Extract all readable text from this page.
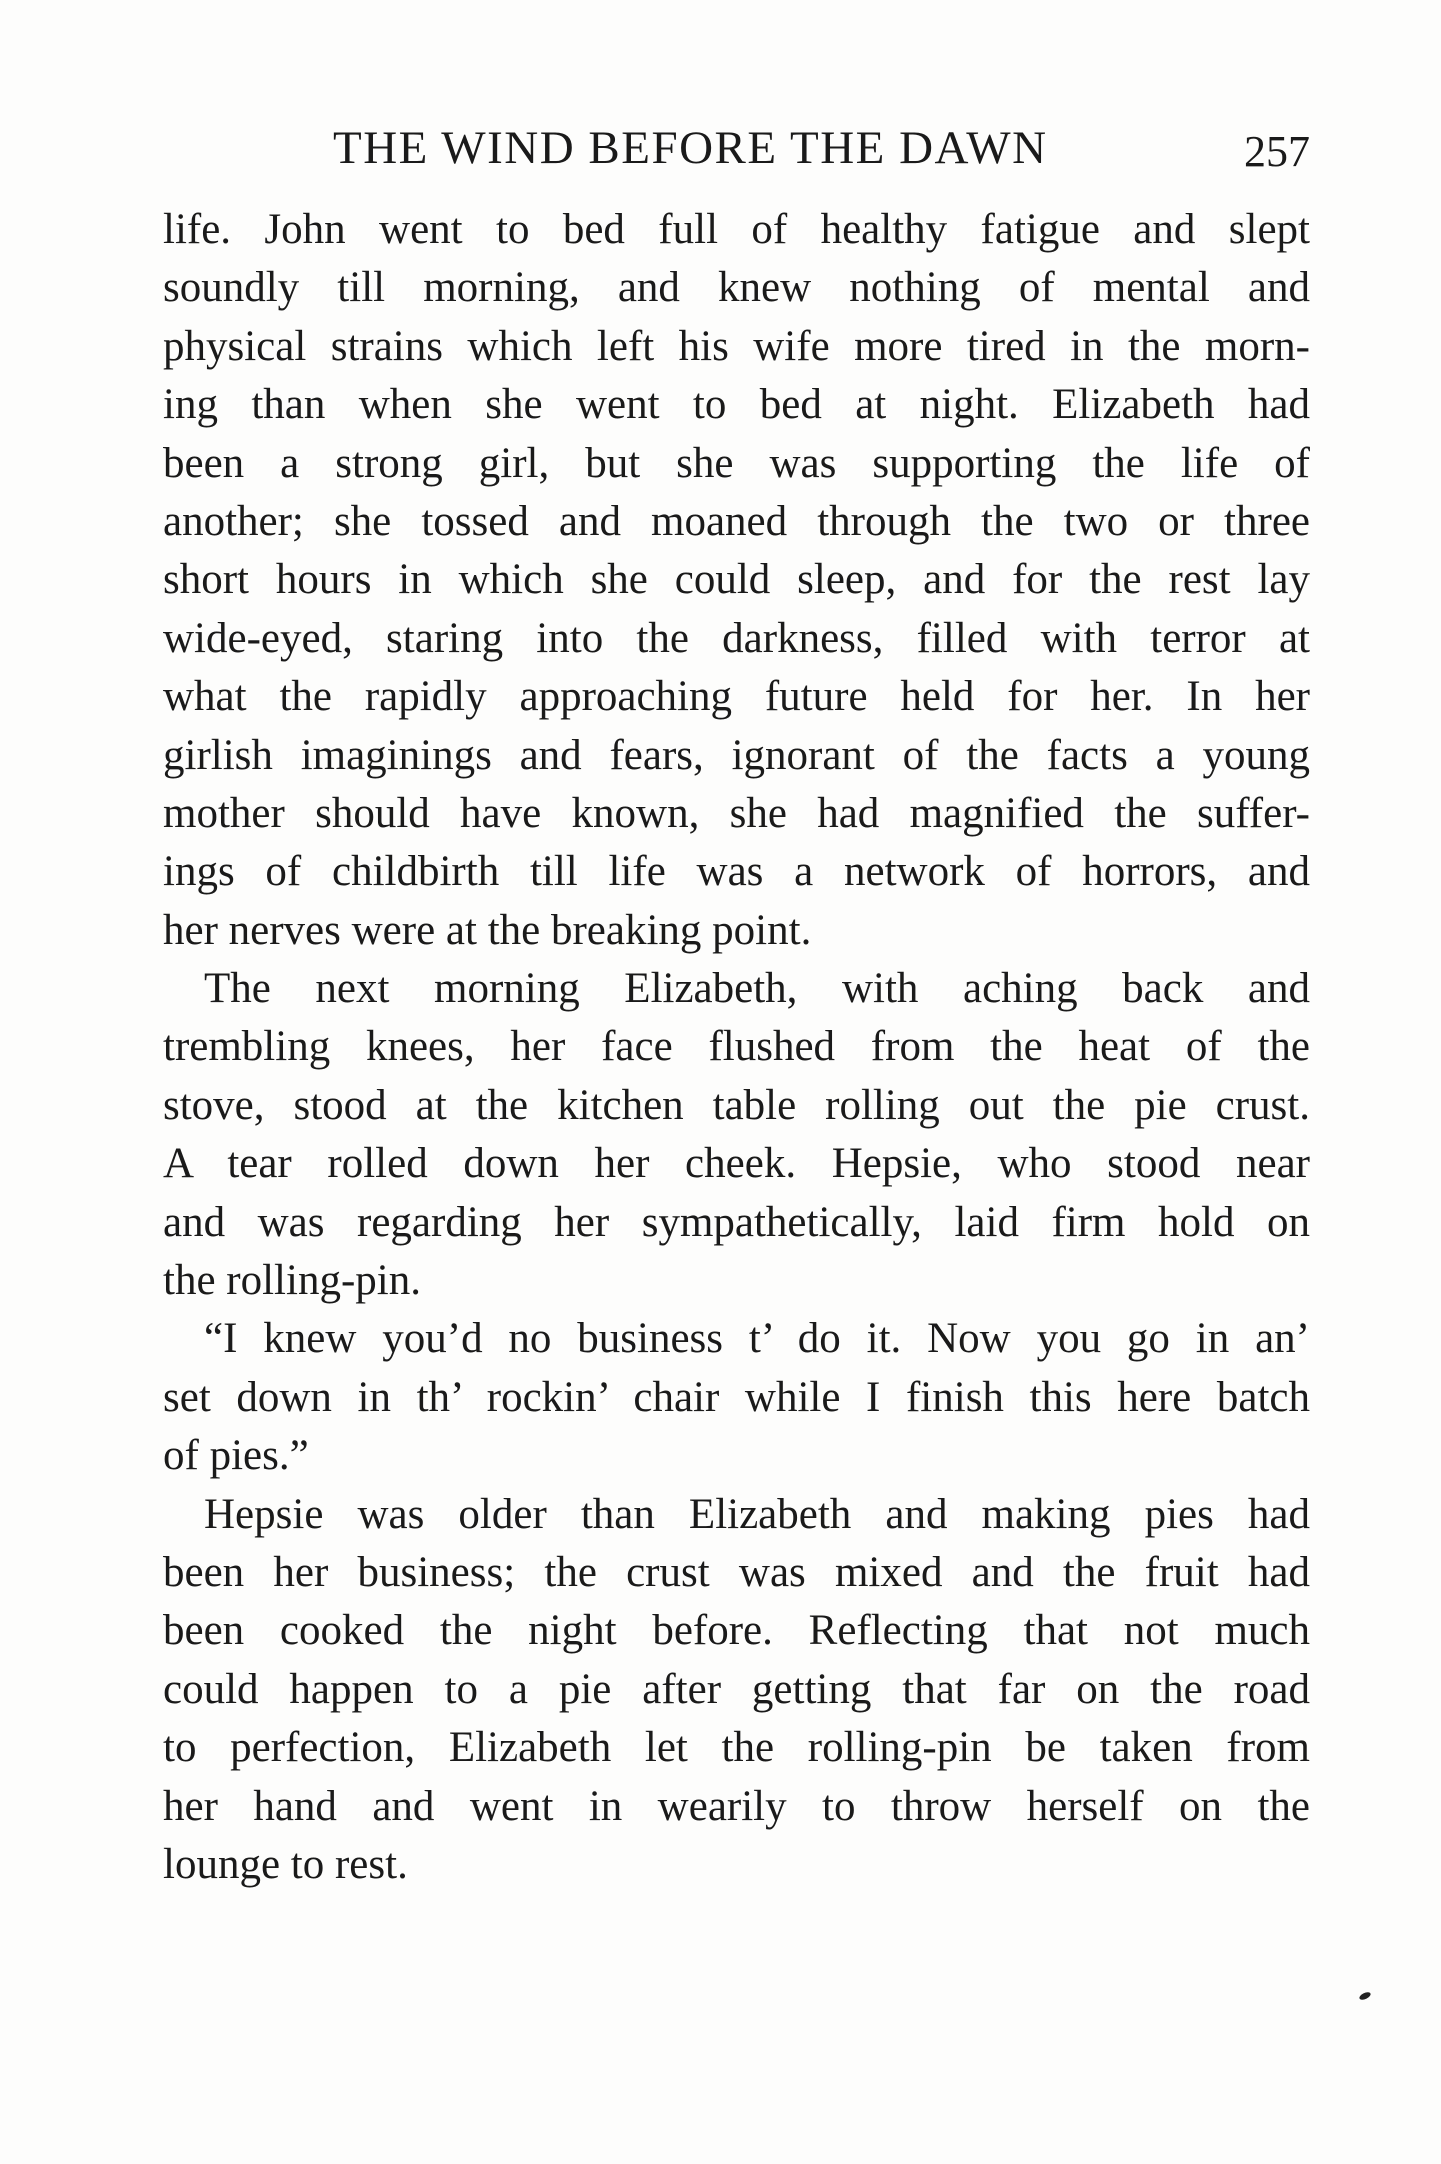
THE WIND BEFORE THE DAWN	257
life. John went to bed full of healthy fatigue and slept
soundly till morning, and knew nothing of mental and
physical strains which left his wife more tired in the morn-
ing than when she went to bed at night. Elizabeth had
been a strong girl, but she was supporting the life of
another; she tossed and moaned through the two or three
short hours in which she could sleep, and for the rest lay
wide-eyed, staring into the darkness, filled with terror at
what the rapidly approaching future held for her. In her
girlish imaginings and fears, ignorant of the facts a young
mother should have known, she had magnified the suffer-
ings of childbirth till life was a network of horrors, and
her nerves were at the breaking point.
The next morning Elizabeth, with aching back and
trembling knees, her face flushed from the heat of the
stove, stood at the kitchen table rolling out the pie crust.
A tear rolled down her cheek. Hepsie, who stood near
and was regarding her sympathetically, laid firm hold on
the rolling-pin.
“I knew you’d no business t’ do it. Now you go in an’
set down in th’ rockin’ chair while I finish this here batch
of pies.”
Hepsie was older than Elizabeth and making pies had
been her business; the crust was mixed and the fruit had
been cooked the night before. Reflecting that not much
could happen to a pie after getting that far on the road
to perfection, Elizabeth let the rolling-pin be taken from
her hand and went in wearily to throw herself on the
lounge to rest.
